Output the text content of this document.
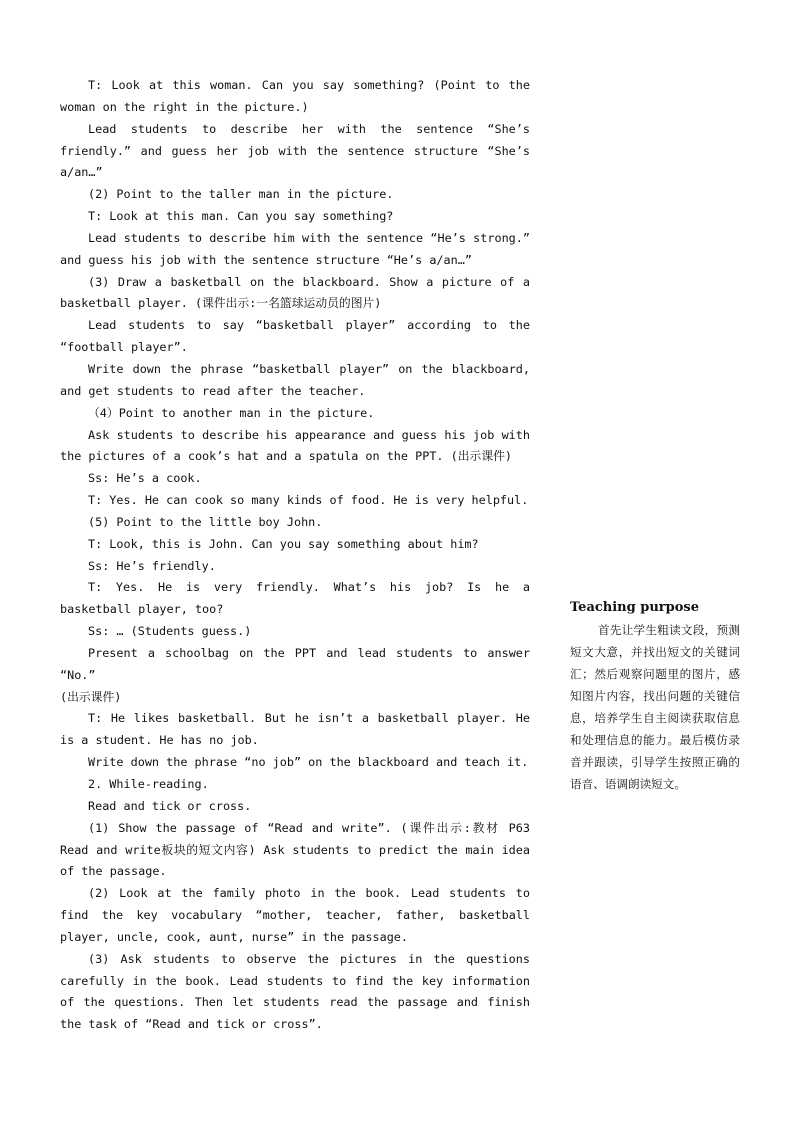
T: Look at this woman. Can you say something? (Point to the woman on the right in the picture.)

Lead students to describe her with the sentence “She’s friendly.” and guess her job with the sentence structure “She’s a/an…”

(2) Point to the taller man in the picture.

T: Look at this man. Can you say something?

Lead students to describe him with the sentence “He’s strong.” and guess his job with the sentence structure “He’s a/an…”

(3) Draw a basketball on the blackboard. Show a picture of a basketball player. (课件出示:一名篮球运动员的图片)

Lead students to say “basketball player” according to the “football player”.

Write down the phrase “basketball player” on the blackboard, and get students to read after the teacher.

（4）Point to another man in the picture.

Ask students to describe his appearance and guess his job with the pictures of a cook’s hat and a spatula on the PPT. (出示课件)

Ss: He’s a cook.

T: Yes. He can cook so many kinds of food. He is very helpful.

(5) Point to the little boy John.

T: Look, this is John. Can you say something about him?

Ss: He’s friendly.

T: Yes. He is very friendly. What’s his job? Is he a basketball player, too?

Ss: … (Students guess.)

Present a schoolbag on the PPT and lead students to answer “No.”

(出示课件)

T: He likes basketball. But he isn’t a basketball player. He is a student. He has no job.

Write down the phrase “no job” on the blackboard and teach it.

2. While-reading.

Read and tick or cross.

(1) Show the passage of “Read and write”. (课件出示:教材 P63 Read and write板块的短文内容) Ask students to predict the main idea of the passage.

(2) Look at the family photo in the book. Lead students to find the key vocabulary “mother, teacher, father, basketball player, uncle, cook, aunt, nurse” in the passage.

(3) Ask students to observe the pictures in the questions carefully in the book. Lead students to find the key information of the questions. Then let students read the passage and finish the task of “Read and tick or cross”.

Teaching purpose

首先让学生粗读文段，预测短文大意，并找出短文的关键词汇；然后观察问题里的图片，感知图片内容，找出问题的关键信息，培养学生自主阅读获取信息和处理信息的能力。最后模仿录音并跟读，引导学生按照正确的语音、语调朗读短文。
